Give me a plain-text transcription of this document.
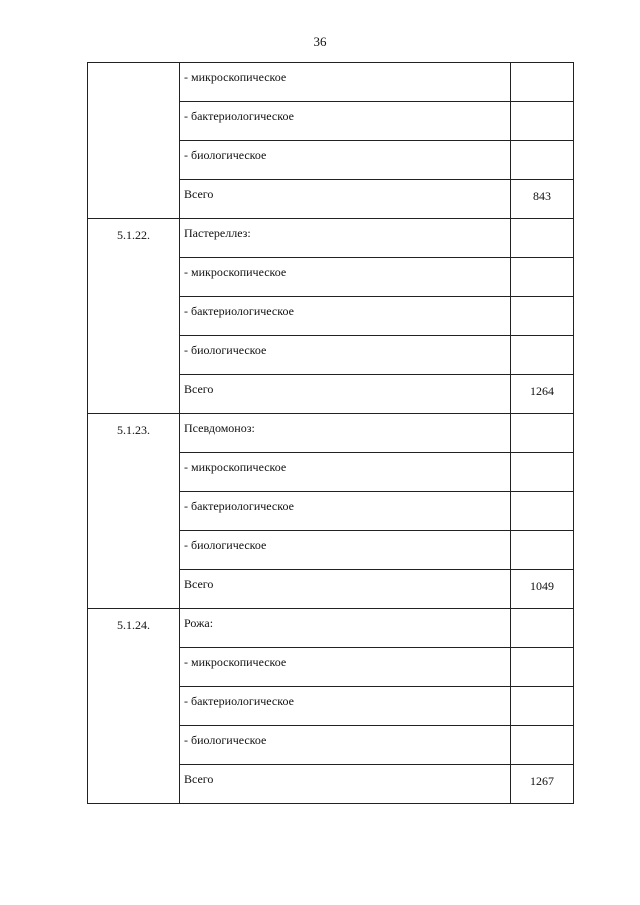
36

	- микроскопическое	

	- бактериологическое	

	- биологическое	

	Всего	843

5.1.22.	Пастереллез:	

	- микроскопическое	

	- бактериологическое	

	- биологическое	

	Всего	1264

5.1.23.	Псевдомоноз:	

	- микроскопическое	

	- бактериологическое	

	- биологическое	

	Всего	1049

5.1.24.	Рожа:	

	- микроскопическое	

	- бактериологическое	

	- биологическое	

	Всего	1267
